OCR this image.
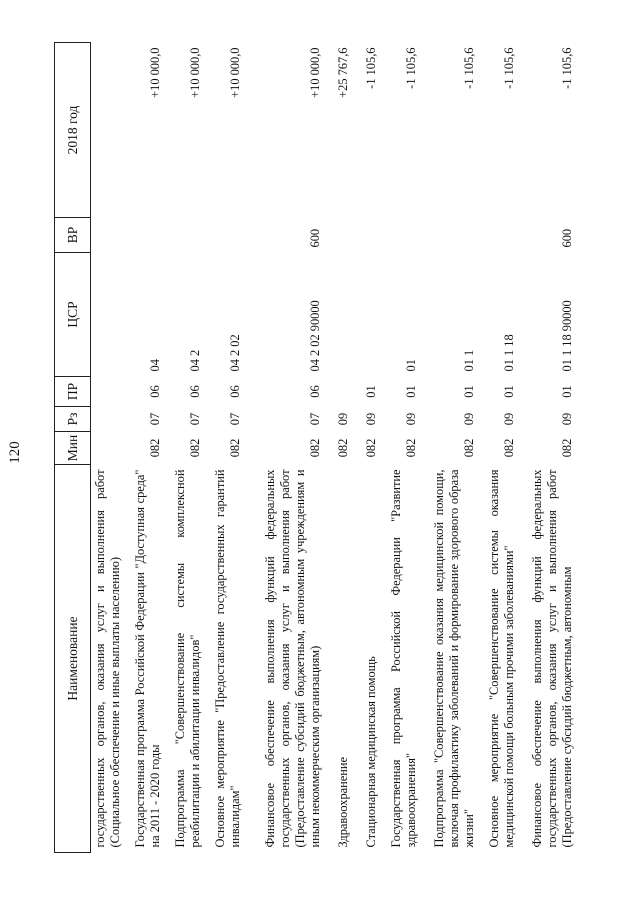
120
Наименование	Мин	Рз	ПР	ЦСР	ВР	2018 год
государственных органов, оказания услуг и выполнения работ (Социальное обеспечение и иные выплаты населению)						
Государственная программа Российской Федерации "Доступная среда" на 2011 - 2020 годы	082	07	06	04		+10 000,0
Подпрограмма "Совершенствование системы комплексной реабилитации и абилитации инвалидов"	082	07	06	04 2		+10 000,0
Основное мероприятие "Предоставление государственных гарантий инвалидам"	082	07	06	04 2 02		+10 000,0
Финансовое обеспечение выполнения функций федеральных государственных органов, оказания услуг и выполнения работ (Предоставление субсидий бюджетным, автономным учреждениям и иным некоммерческим организациям)	082	07	06	04 2 02 90000	600	+10 000,0
Здравоохранение	082	09				+25 767,6
Стационарная медицинская помощь	082	09	01			-1 105,6
Государственная программа Российской Федерации "Развитие здравоохранения"	082	09	01	01		-1 105,6
Подпрограмма "Совершенствование оказания медицинской помощи, включая профилактику заболеваний и формирование здорового образа жизни"	082	09	01	01 1		-1 105,6
Основное мероприятие "Совершенствование системы оказания медицинской помощи больным прочими заболеваниями"	082	09	01	01 1 18		-1 105,6
Финансовое обеспечение выполнения функций федеральных государственных органов, оказания услуг и выполнения работ (Предоставление субсидий бюджетным, автономным	082	09	01	01 1 18 90000	600	-1 105,6
